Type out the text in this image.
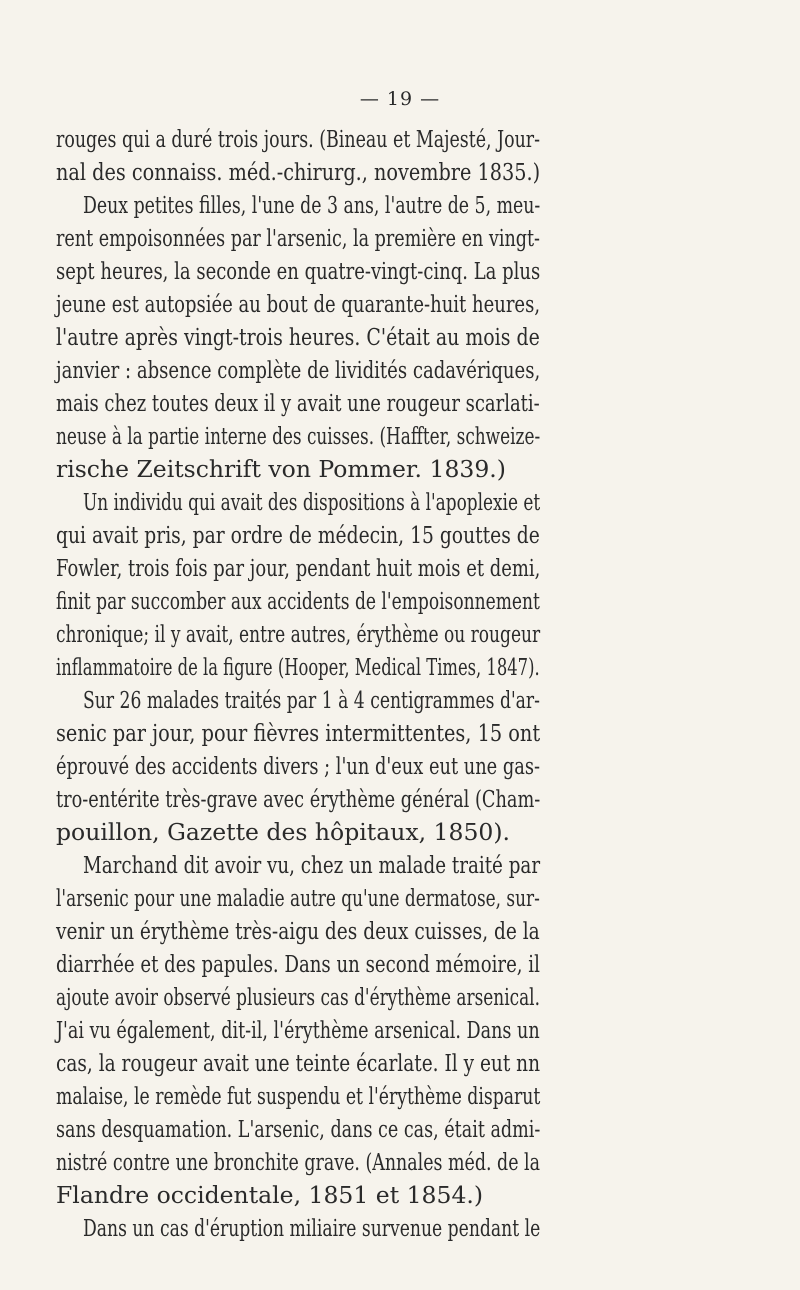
— 19 —
rouges qui a duré trois jours. (Bineau et Majesté, Jour-
nal des connaiss. méd.-chirurg., novembre 1835.)
Deux petites filles, l'une de 3 ans, l'autre de 5, meu-
rent empoisonnées par l'arsenic, la première en vingt-
sept heures, la seconde en quatre-vingt-cinq. La plus
jeune est autopsiée au bout de quarante-huit heures,
l'autre après vingt-trois heures. C'était au mois de
janvier : absence complète de lividités cadavériques,
mais chez toutes deux il y avait une rougeur scarlati-
neuse à la partie interne des cuisses. (Haffter, schweize-
rische Zeitschrift von Pommer. 1839.)
Un individu qui avait des dispositions à l'apoplexie et
qui avait pris, par ordre de médecin, 15 gouttes de
Fowler, trois fois par jour, pendant huit mois et demi,
finit par succomber aux accidents de l'empoisonnement
chronique; il y avait, entre autres, érythème ou rougeur
inflammatoire de la figure (Hooper, Medical Times, 1847).
Sur 26 malades traités par 1 à 4 centigrammes d'ar-
senic par jour, pour fièvres intermittentes, 15 ont
éprouvé des accidents divers ; l'un d'eux eut une gas-
tro-entérite très-grave avec érythème général (Cham-
pouillon, Gazette des hôpitaux, 1850).
Marchand dit avoir vu, chez un malade traité par
l'arsenic pour une maladie autre qu'une dermatose, sur-
venir un érythème très-aigu des deux cuisses, de la
diarrhée et des papules. Dans un second mémoire, il
ajoute avoir observé plusieurs cas d'érythème arsenical.
J'ai vu également, dit-il, l'érythème arsenical. Dans un
cas, la rougeur avait une teinte écarlate. Il y eut nn
malaise, le remède fut suspendu et l'érythème disparut
sans desquamation. L'arsenic, dans ce cas, était admi-
nistré contre une bronchite grave. (Annales méd. de la
Flandre occidentale, 1851 et 1854.)
Dans un cas d'éruption miliaire survenue pendant le
